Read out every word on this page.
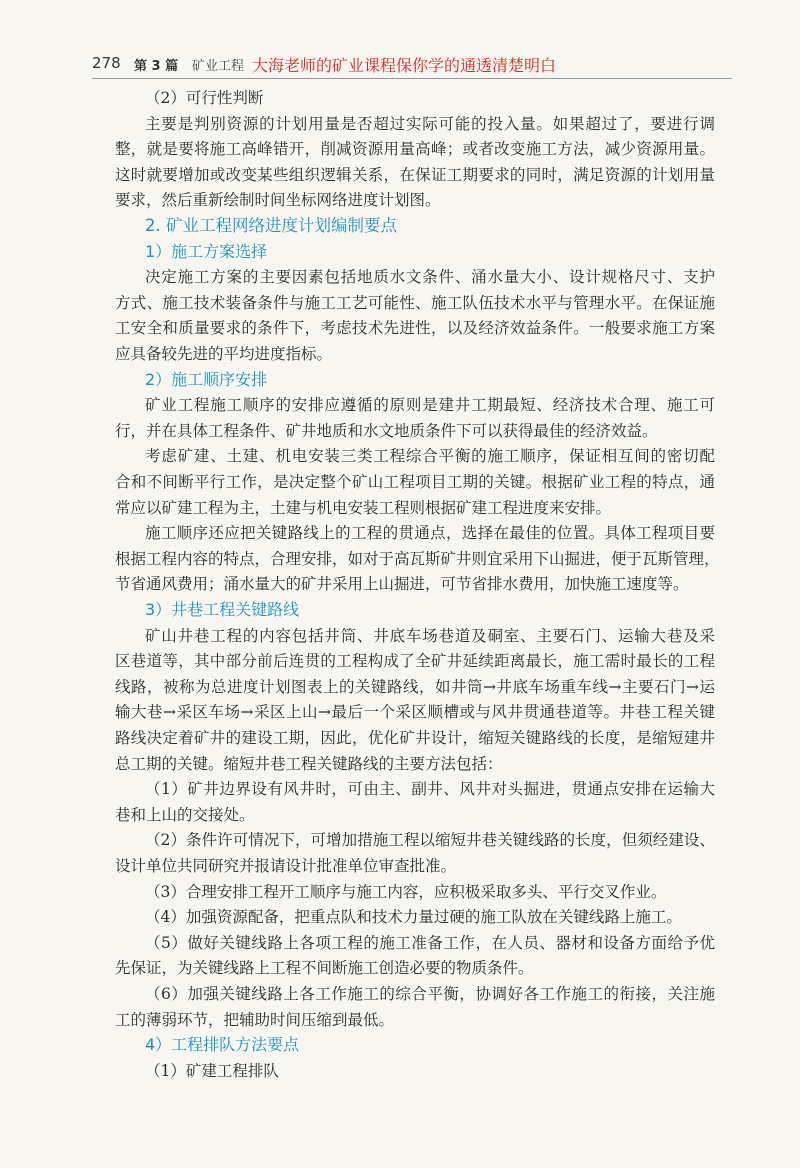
278 第 3 篇 矿业工程 大海老师的矿业课程保你学的通透清楚明白
（2）可行性判断
主要是判别资源的计划用量是否超过实际可能的投入量。如果超过了，要进行调
整，就是要将施工高峰错开，削减资源用量高峰；或者改变施工方法，减少资源用量。
这时就要增加或改变某些组织逻辑关系，在保证工期要求的同时，满足资源的计划用量
要求，然后重新绘制时间坐标网络进度计划图。
2. 矿业工程网络进度计划编制要点
1）施工方案选择
决定施工方案的主要因素包括地质水文条件、涌水量大小、设计规格尺寸、支护
方式、施工技术装备条件与施工工艺可能性、施工队伍技术水平与管理水平。在保证施
工安全和质量要求的条件下，考虑技术先进性，以及经济效益条件。一般要求施工方案
应具备较先进的平均进度指标。
2）施工顺序安排
矿业工程施工顺序的安排应遵循的原则是建井工期最短、经济技术合理、施工可
行，并在具体工程条件、矿井地质和水文地质条件下可以获得最佳的经济效益。
考虑矿建、土建、机电安装三类工程综合平衡的施工顺序，保证相互间的密切配
合和不间断平行工作，是决定整个矿山工程项目工期的关键。根据矿业工程的特点，通
常应以矿建工程为主，土建与机电安装工程则根据矿建工程进度来安排。
施工顺序还应把关键路线上的工程的贯通点，选择在最佳的位置。具体工程项目要
根据工程内容的特点，合理安排，如对于高瓦斯矿井则宜采用下山掘进，便于瓦斯管理，
节省通风费用；涌水量大的矿井采用上山掘进，可节省排水费用，加快施工速度等。
3）井巷工程关键路线
矿山井巷工程的内容包括井筒、井底车场巷道及硐室、主要石门、运输大巷及采
区巷道等，其中部分前后连贯的工程构成了全矿井延续距离最长，施工需时最长的工程
线路，被称为总进度计划图表上的关键路线，如井筒→井底车场重车线→主要石门→运
输大巷→采区车场→采区上山→最后一个采区顺槽或与风井贯通巷道等。井巷工程关键
路线决定着矿井的建设工期，因此，优化矿井设计，缩短关键路线的长度，是缩短建井
总工期的关键。缩短井巷工程关键路线的主要方法包括：
（1）矿井边界设有风井时，可由主、副井、风井对头掘进，贯通点安排在运输大
巷和上山的交接处。
（2）条件许可情况下，可增加措施工程以缩短井巷关键线路的长度，但须经建设、
设计单位共同研究并报请设计批准单位审查批准。
（3）合理安排工程开工顺序与施工内容，应积极采取多头、平行交叉作业。
（4）加强资源配备，把重点队和技术力量过硬的施工队放在关键线路上施工。
（5）做好关键线路上各项工程的施工准备工作，在人员、器材和设备方面给予优
先保证，为关键线路上工程不间断施工创造必要的物质条件。
（6）加强关键线路上各工作施工的综合平衡，协调好各工作施工的衔接，关注施
工的薄弱环节，把辅助时间压缩到最低。
4）工程排队方法要点
（1）矿建工程排队
